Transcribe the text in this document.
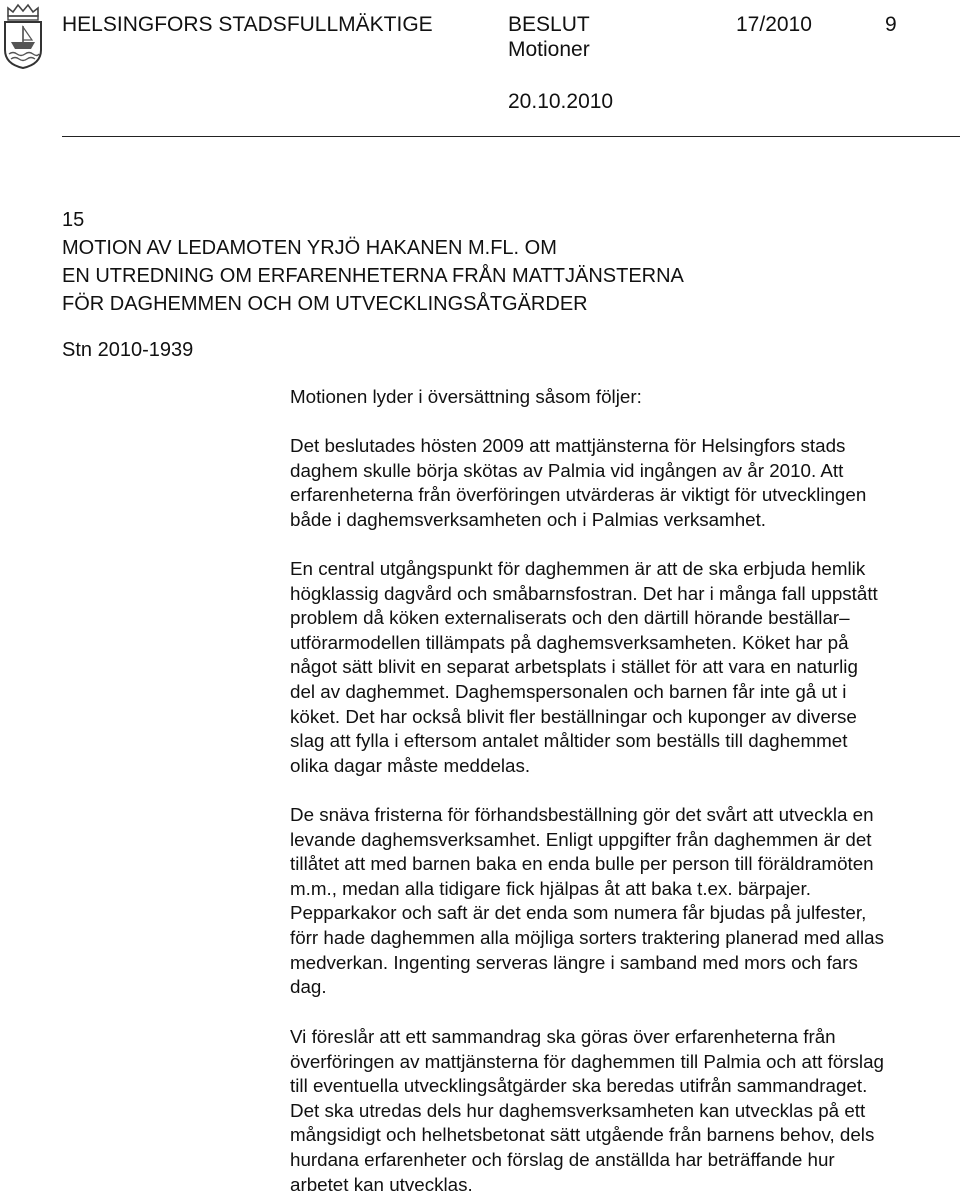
HELSINGFORS STADSFULLMÄKTIGE	BESLUT
Motioner
17/2010	9
20.10.2010
15
MOTION AV LEDAMOTEN YRJÖ HAKANEN M.FL. OM
EN UTREDNING OM ERFARENHETERNA FRÅN MATTJÄNSTERNA
FÖR DAGHEMMEN OCH OM UTVECKLINGSÅTGÄRDER
Stn 2010-1939
Motionen lyder i översättning såsom följer:
Det beslutades hösten 2009 att mattjänsterna för Helsingfors stads
daghem skulle börja skötas av Palmia vid ingången av år 2010. Att
erfarenheterna från överföringen utvärderas är viktigt för utvecklingen
både i daghemsverksamheten och i Palmias verksamhet.
En central utgångspunkt för daghemmen är att de ska erbjuda hemlik
högklassig dagvård och småbarnsfostran. Det har i många fall uppstått
problem då köken externaliserats och den därtill hörande beställar–
utförarmodellen tillämpats på daghemsverksamheten. Köket har på
något sätt blivit en separat arbetsplats i stället för att vara en naturlig
del av daghemmet. Daghemspersonalen och barnen får inte gå ut i
köket. Det har också blivit fler beställningar och kuponger av diverse
slag att fylla i eftersom antalet måltider som beställs till daghemmet
olika dagar måste meddelas.
De snäva fristerna för förhandsbeställning gör det svårt att utveckla en
levande daghemsverksamhet. Enligt uppgifter från daghemmen är det
tillåtet att med barnen baka en enda bulle per person till föräldramöten
m.m., medan alla tidigare fick hjälpas åt att baka t.ex. bärpajer.
Pepparkakor och saft är det enda som numera får bjudas på julfester,
förr hade daghemmen alla möjliga sorters traktering planerad med allas
medverkan. Ingenting serveras längre i samband med mors och fars
dag.
Vi föreslår att ett sammandrag ska göras över erfarenheterna från
överföringen av mattjänsterna för daghemmen till Palmia och att förslag
till eventuella utvecklingsåtgärder ska beredas utifrån sammandraget.
Det ska utredas dels hur daghemsverksamheten kan utvecklas på ett
mångsidigt och helhetsbetonat sätt utgående från barnens behov, dels
hurdana erfarenheter och förslag de anställda har beträffande hur
arbetet kan utvecklas.
